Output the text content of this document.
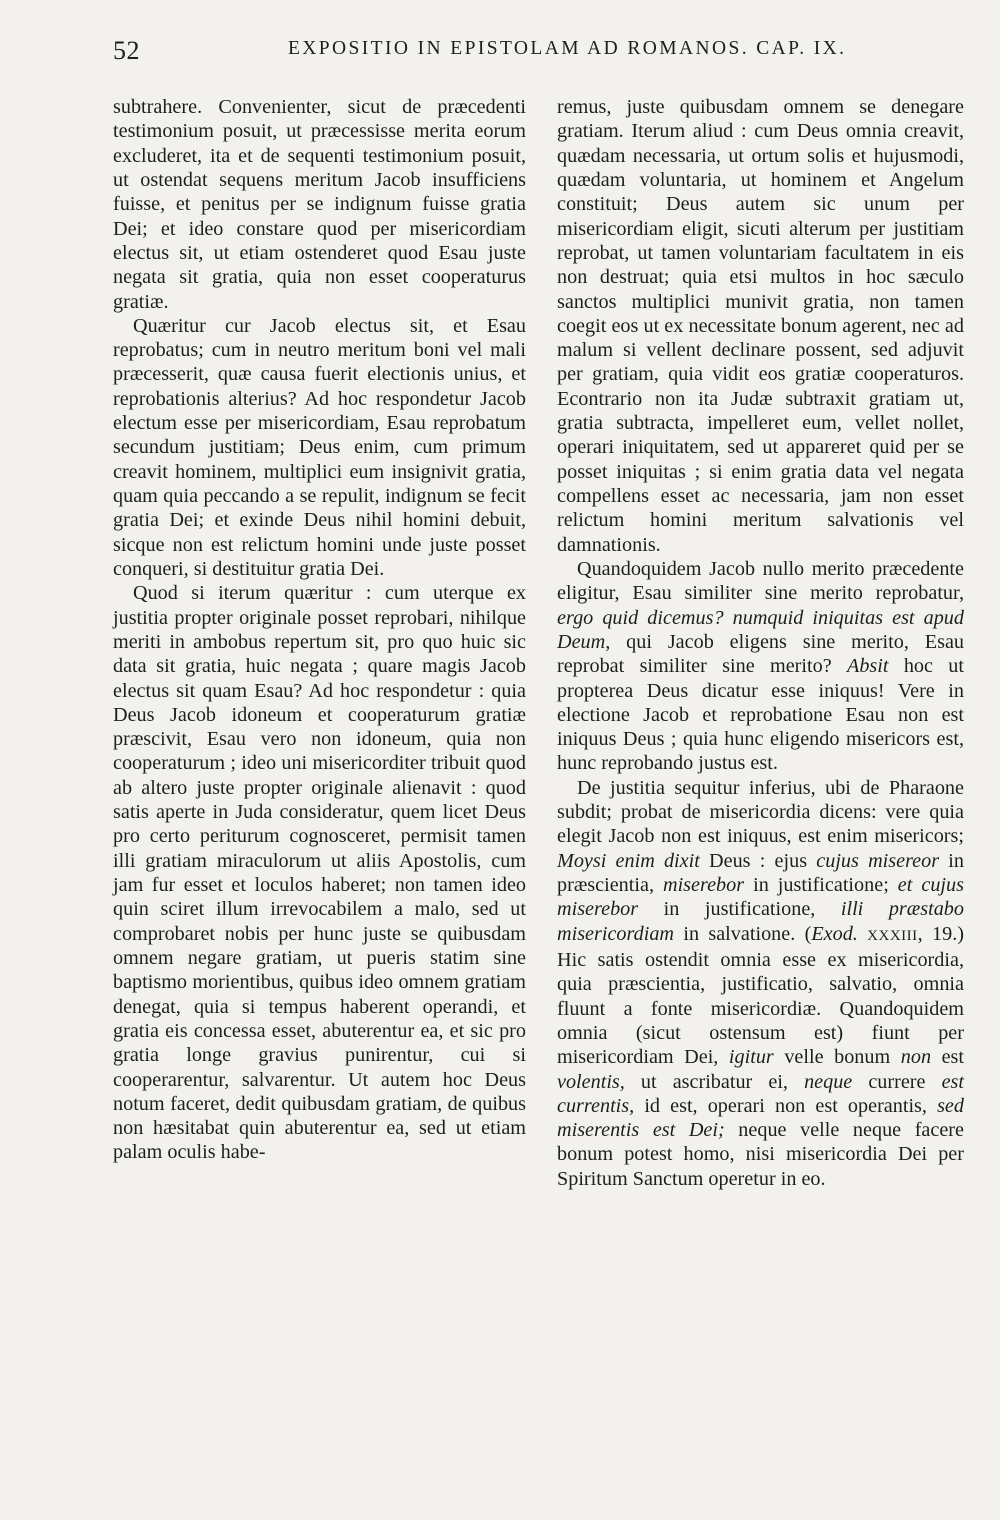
52	EXPOSITIO IN EPISTOLAM AD ROMANOS. CAP. IX.

subtrahere. Convenienter, sicut de præcedenti testimonium posuit, ut præcessisse merita eorum excluderet, ita et de sequenti testimonium posuit, ut ostendat sequens meritum Jacob insufficiens fuisse, et penitus per se indignum fuisse gratia Dei; et ideo constare quod per misericordiam electus sit, ut etiam ostenderet quod Esau juste negata sit gratia, quia non esset cooperaturus gratiæ.

Quæritur cur Jacob electus sit, et Esau reprobatus; cum in neutro meritum boni vel mali præcesserit, quæ causa fuerit electionis unius, et reprobationis alterius? Ad hoc respondetur Jacob electum esse per misericordiam, Esau reprobatum secundum justitiam; Deus enim, cum primum creavit hominem, multiplici eum insignivit gratia, quam quia peccando a se repulit, indignum se fecit gratia Dei; et exinde Deus nihil homini debuit, sicque non est relictum homini unde juste posset conqueri, si destituitur gratia Dei.

Quod si iterum quæritur : cum uterque ex justitia propter originale posset reprobari, nihilque meriti in ambobus repertum sit, pro quo huic sic data sit gratia, huic negata ; quare magis Jacob electus sit quam Esau? Ad hoc respondetur : quia Deus Jacob idoneum et cooperaturum gratiæ præscivit, Esau vero non idoneum, quia non cooperaturum ; ideo uni misericorditer tribuit quod ab altero juste propter originale alienavit : quod satis aperte in Juda consideratur, quem licet Deus pro certo periturum cognosceret, permisit tamen illi gratiam miraculorum ut aliis Apostolis, cum jam fur esset et loculos haberet; non tamen ideo quin sciret illum irrevocabilem a malo, sed ut comprobaret nobis per hunc juste se quibusdam omnem negare gratiam, ut pueris statim sine baptismo morientibus, quibus ideo omnem gratiam denegat, quia si tempus haberent operandi, et gratia eis concessa esset, abuterentur ea, et sic pro gratia longe gravius punirentur, cui si cooperarentur, salvarentur. Ut autem hoc Deus notum faceret, dedit quibusdam gratiam, de quibus non hæsitabat quin abuterentur ea, sed ut etiam palam oculis habe-

remus, juste quibusdam omnem se denegare gratiam. Iterum aliud : cum Deus omnia creavit, quædam necessaria, ut ortum solis et hujusmodi, quædam voluntaria, ut hominem et Angelum constituit; Deus autem sic unum per misericordiam eligit, sicuti alterum per justitiam reprobat, ut tamen voluntariam facultatem in eis non destruat; quia etsi multos in hoc sæculo sanctos multiplici munivit gratia, non tamen coegit eos ut ex necessitate bonum agerent, nec ad malum si vellent declinare possent, sed adjuvit per gratiam, quia vidit eos gratiæ cooperaturos. Econtrario non ita Judæ subtraxit gratiam ut, gratia subtracta, impelleret eum, vellet nollet, operari iniquitatem, sed ut appareret quid per se posset iniquitas ; si enim gratia data vel negata compellens esset ac necessaria, jam non esset relictum homini meritum salvationis vel damnationis.

Quandoquidem Jacob nullo merito præcedente eligitur, Esau similiter sine merito reprobatur, ergo quid dicemus? numquid iniquitas est apud Deum, qui Jacob eligens sine merito, Esau reprobat similiter sine merito? Absit hoc ut propterea Deus dicatur esse iniquus! Vere in electione Jacob et reprobatione Esau non est iniquus Deus ; quia hunc eligendo misericors est, hunc reprobando justus est.

De justitia sequitur inferius, ubi de Pharaone subdit; probat de misericordia dicens: vere quia elegit Jacob non est iniquus, est enim misericors; Moysi enim dixit Deus : ejus cujus misereor in præscientia, miserebor in justificatione; et cujus miserebor in justificatione, illi præstabo misericordiam in salvatione. (Exod. XXXIII, 19.) Hic satis ostendit omnia esse ex misericordia, quia præscientia, justificatio, salvatio, omnia fluunt a fonte misericordiæ. Quandoquidem omnia (sicut ostensum est) fiunt per misericordiam Dei, igitur velle bonum non est volentis, ut ascribatur ei, neque currere est currentis, id est, operari non est operantis, sed miserentis est Dei; neque velle neque facere bonum potest homo, nisi misericordia Dei per Spiritum Sanctum operetur in eo.
